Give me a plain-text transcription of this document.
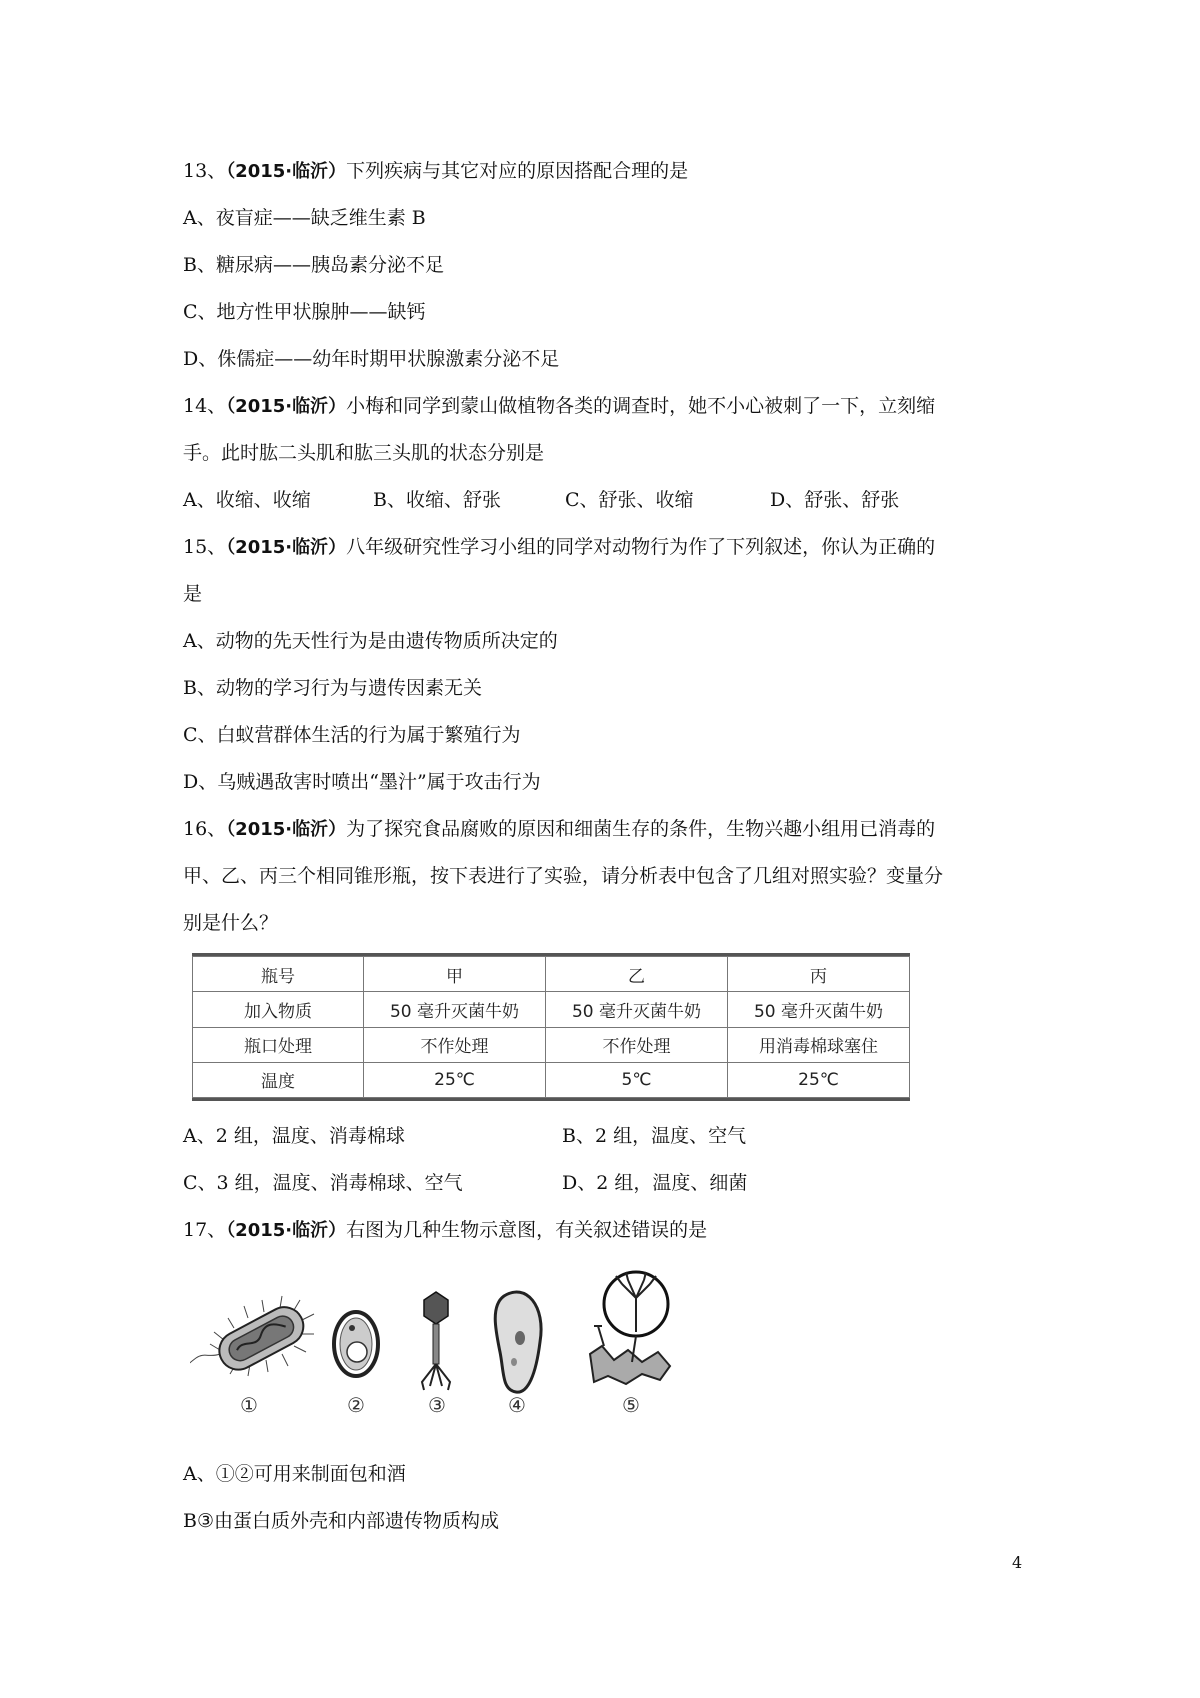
13、（2015·临沂）下列疾病与其它对应的原因搭配合理的是
A、夜盲症——缺乏维生素 B
B、糖尿病——胰岛素分泌不足
C、地方性甲状腺肿——缺钙
D、侏儒症——幼年时期甲状腺激素分泌不足
14、（2015·临沂）小梅和同学到蒙山做植物各类的调查时，她不小心被刺了一下，立刻缩
手。此时肱二头肌和肱三头肌的状态分别是
A、收缩、收缩	B、收缩、舒张	C、舒张、收缩	D、舒张、舒张
15、（2015·临沂）八年级研究性学习小组的同学对动物行为作了下列叙述，你认为正确的
是
A、动物的先天性行为是由遗传物质所决定的
B、动物的学习行为与遗传因素无关
C、白蚁营群体生活的行为属于繁殖行为
D、乌贼遇敌害时喷出“墨汁”属于攻击行为
16、（2015·临沂）为了探究食品腐败的原因和细菌生存的条件，生物兴趣小组用已消毒的
甲、乙、丙三个相同锥形瓶，按下表进行了实验，请分析表中包含了几组对照实验？变量分
别是什么？
瓶号	甲	乙	丙
加入物质	50 毫升灭菌牛奶	50 毫升灭菌牛奶	50 毫升灭菌牛奶
瓶口处理	不作处理	不作处理	用消毒棉球塞住
温度	25℃	5℃	25℃
A、2 组，温度、消毒棉球	B、2 组，温度、空气
C、3 组，温度、消毒棉球、空气	D、2 组，温度、细菌
17、（2015·临沂）右图为几种生物示意图，有关叙述错误的是
①	②	③	④	⑤
A、①②可用来制面包和酒
B③由蛋白质外壳和内部遗传物质构成
4
